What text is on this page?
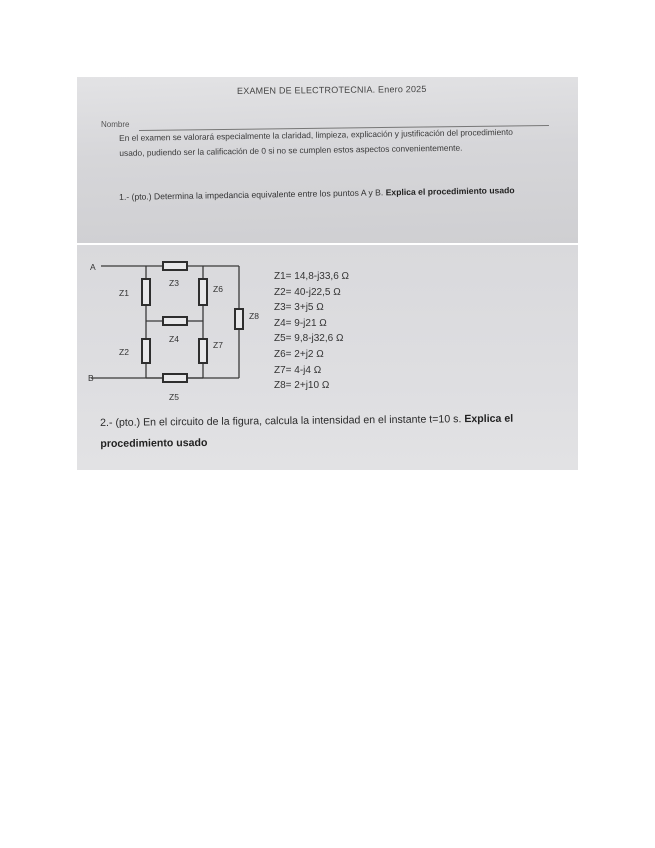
EXAMEN DE ELECTROTECNIA. Enero 2025
Nombre
En el examen se valorará especialmente la claridad, limpieza, explicación y justificación del procedimiento usado, pudiendo ser la calificación de 0 si no se cumplen estos aspectos convenientemente.
1.- (pto.) Determina la impedancia equivalente entre los puntos A y B. Explica el procedimiento usado
A
B
Z1
Z2
Z3
Z4
Z5
Z6
Z7
Z8
Z1= 14,8-j33,6 Ω
Z2= 40-j22,5 Ω
Z3= 3+j5 Ω
Z4= 9-j21 Ω
Z5= 9,8-j32,6 Ω
Z6= 2+j2 Ω
Z7= 4-j4 Ω
Z8= 2+j10 Ω
2.- (pto.) En el circuito de la figura, calcula la intensidad en el instante t=10 s. Explica el procedimiento usado
